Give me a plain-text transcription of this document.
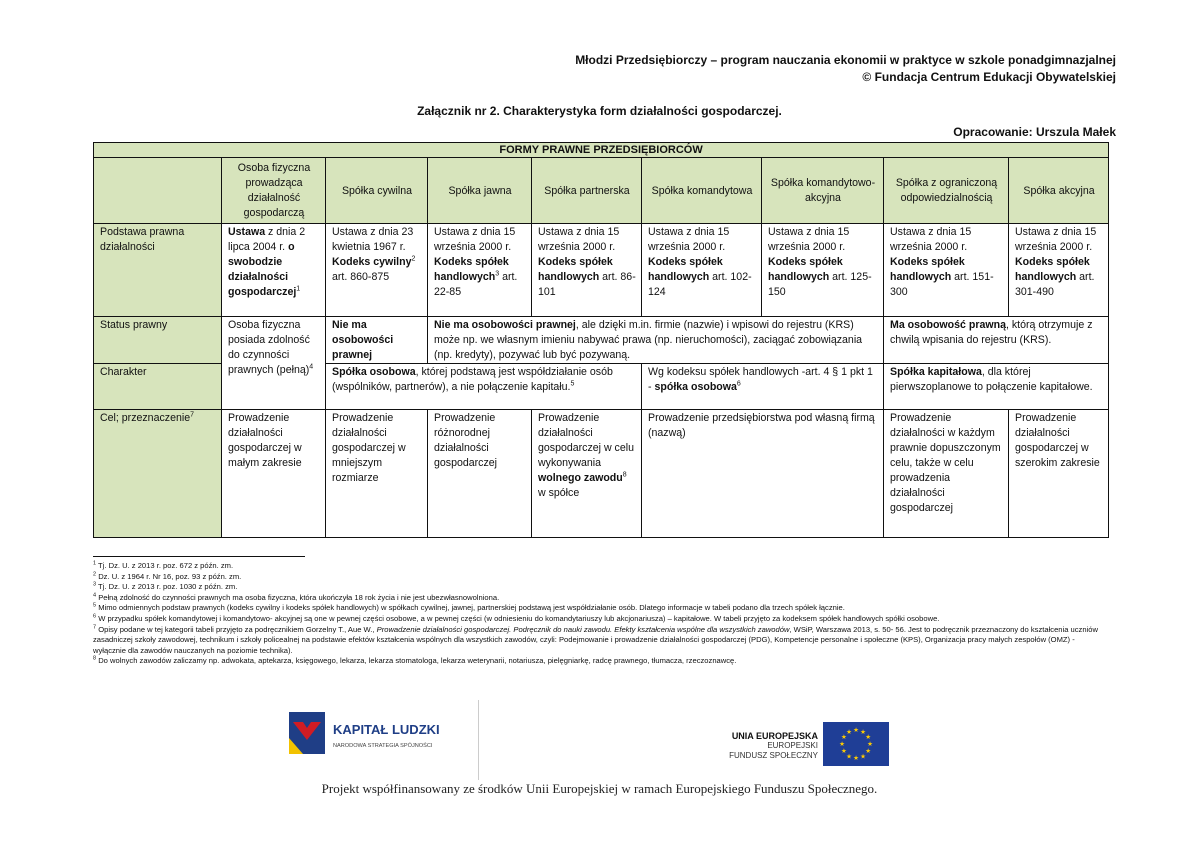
Młodzi Przedsiębiorczy – program nauczania ekonomii w praktyce w szkole ponadgimnazjalnej
© Fundacja Centrum Edukacji Obywatelskiej
Załącznik nr 2. Charakterystyka form działalności gospodarczej.
Opracowanie: Urszula Małek
FORMY PRAWNE PRZEDSIĘBIORCÓW								
	Osoba fizyczna prowadząca działalność gospodarczą	Spółka cywilna	Spółka jawna	Spółka partnerska	Spółka komandytowa	Spółka komandytowo-akcyjna	Spółka z ograniczoną odpowiedzialnością	Spółka akcyjna
Podstawa prawna działalności	Ustawa z dnia 2 lipca 2004 r. o swobodzie działalności gospodarczej$^1$	Ustawa z dnia 23 kwietnia 1967 r. Kodeks cywilny$^2$ art. 860-875	Ustawa z dnia 15 września 2000 r. Kodeks spółek handlowych$^3$ art. 22-85	Ustawa z dnia 15 września 2000 r. Kodeks spółek handlowych art. 86-101	Ustawa z dnia 15 września 2000 r. Kodeks spółek handlowych art. 102-124	Ustawa z dnia 15 września 2000 r. Kodeks spółek handlowych art. 125-150	Ustawa z dnia 15 września 2000 r. Kodeks spółek handlowych art. 151-300	Ustawa z dnia 15 września 2000 r. Kodeks spółek handlowych art. 301-490
Status prawny	Osoba fizyczna posiada zdolność do czynności prawnych (pełną)$^4$	Nie ma osobowości prawnej	Nie ma osobowości prawnej, ale dzięki m.in. firmie (nazwie) i wpisowi do rejestru (KRS) może np. we własnym imieniu nabywać prawa (np. nieruchomości), zaciągać zobowiązania (np. kredyty), pozywać lub być pozywaną.				Ma osobowość prawną, którą otrzymuje z chwilą wpisania do rejestru (KRS).	
Charakter		Spółka osobowa, której podstawą jest współdziałanie osób (wspólników, partnerów), a nie połączenie kapitału.$^5$			Wg kodeksu spółek handlowych -art. 4 § 1 pkt 1 - spółka osobowa$^6$		Spółka kapitałowa, dla której pierwszoplanowe to połączenie kapitałowe.	
Cel; przeznaczenie$^7$	Prowadzenie działalności gospodarczej w małym zakresie	Prowadzenie działalności gospodarczej w mniejszym rozmiarze	Prowadzenie różnorodnej działalności gospodarczej	Prowadzenie działalności gospodarczej w celu wykonywania wolnego zawodu$^8$ w spółce	Prowadzenie przedsiębiorstwa pod własną firmą (nazwą)		Prowadzenie działalności w każdym prawnie dopuszczonym celu, także w celu prowadzenia działalności gospodarczej	Prowadzenie działalności gospodarczej w szerokim zakresie

$^1$ Tj. Dz. U. z 2013 r. poz. 672 z późn. zm.

$^2$ Dz. U. z 1964 r. Nr 16, poz. 93 z późn. zm.

$^3$ Tj. Dz. U. z 2013 r. poz. 1030 z późn. zm.

$^4$ Pełną zdolność do czynności prawnych ma osoba fizyczna, która ukończyła 18 rok życia i nie jest ubezwłasnowolniona.

$^5$ Mimo odmiennych podstaw prawnych (kodeks cywilny i kodeks spółek handlowych) w spółkach cywilnej, jawnej, partnerskiej podstawą jest współdziałanie osób. Dlatego informacje w tabeli podano dla trzech spółek łącznie.

$^6$ W przypadku spółek komandytowej i komandytowo- akcyjnej są one w pewnej części osobowe, a w pewnej części (w odniesieniu do komandytariuszy lub akcjonariusza) – kapitałowe. W tabeli przyjęto za kodeksem spółek handlowych spółki osobowe.

$^7$ Opisy podane w tej kategorii tabeli przyjęto za podręcznikiem Gorzelny T., Aue W., Prowadzenie działalności gospodarczej. Podręcznik do nauki zawodu. Efekty kształcenia wspólne dla wszystkich zawodów, WSiP, Warszawa 2013, s. 50- 56. Jest to podręcznik przeznaczony do kształcenia uczniów zasadniczej szkoły zawodowej, technikum i szkoły policealnej na podstawie efektów kształcenia wspólnych dla wszystkich zawodów, czyli: Podejmowanie i prowadzenie działalności gospodarczej (PDG), Kompetencje personalne i społeczne (KPS), Organizacja pracy małych zespołów (OMZ) - wyłącznie dla zawodów nauczanych na poziomie technika).

$^8$ Do wolnych zawodów zaliczamy np. adwokata, aptekarza, księgowego, lekarza, lekarza stomatologa, lekarza weterynarii, notariusza, pielęgniarkę, radcę prawnego, tłumacza, rzeczoznawcę.

KAPITAŁ LUDZKI
NARODOWA STRATEGIA SPÓJNOŚCI
UNIA EUROPEJSKA
EUROPEJSKI
FUNDUSZ SPOŁECZNY
★ ★
★
★
★
★
★
★
★
★
★
★
Projekt współfinansowany ze środków Unii Europejskiej w ramach Europejskiego Funduszu Społecznego.
